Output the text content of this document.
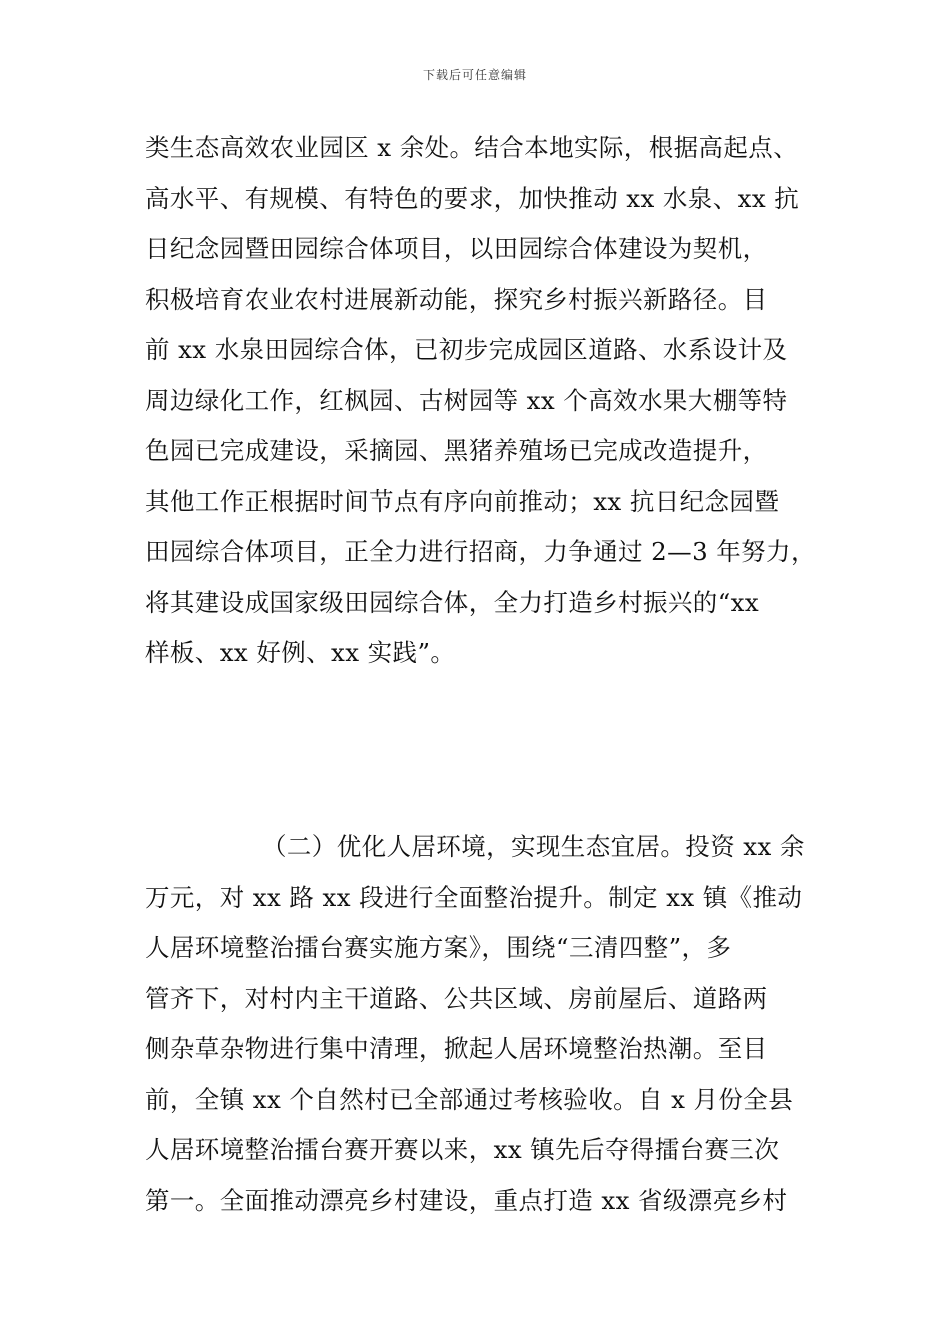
下载后可任意编辑
类生态高效农业园区 x 余处。结合本地实际，根据高起点、
高水平、有规模、有特色的要求，加快推动 xx 水泉、xx 抗
日纪念园暨田园综合体项目，以田园综合体建设为契机，
积极培育农业农村进展新动能，探究乡村振兴新路径。目
前 xx 水泉田园综合体，已初步完成园区道路、水系设计及
周边绿化工作，红枫园、古树园等 xx 个高效水果大棚等特
色园已完成建设，采摘园、黑猪养殖场已完成改造提升，
其他工作正根据时间节点有序向前推动；xx 抗日纪念园暨
田园综合体项目，正全力进行招商，力争通过 2—3 年努力，
将其建设成国家级田园综合体，全力打造乡村振兴的“xx
样板、xx 好例、xx 实践”。
（二）优化人居环境，实现生态宜居。投资 xx 余
万元，对 xx 路 xx 段进行全面整治提升。制定 xx 镇《推动
人居环境整治擂台赛实施方案》，围绕“三清四整”，多
管齐下，对村内主干道路、公共区域、房前屋后、道路两
侧杂草杂物进行集中清理，掀起人居环境整治热潮。至目
前，全镇 xx 个自然村已全部通过考核验收。自 x 月份全县
人居环境整治擂台赛开赛以来，xx 镇先后夺得擂台赛三次
第一。全面推动漂亮乡村建设，重点打造 xx 省级漂亮乡村
